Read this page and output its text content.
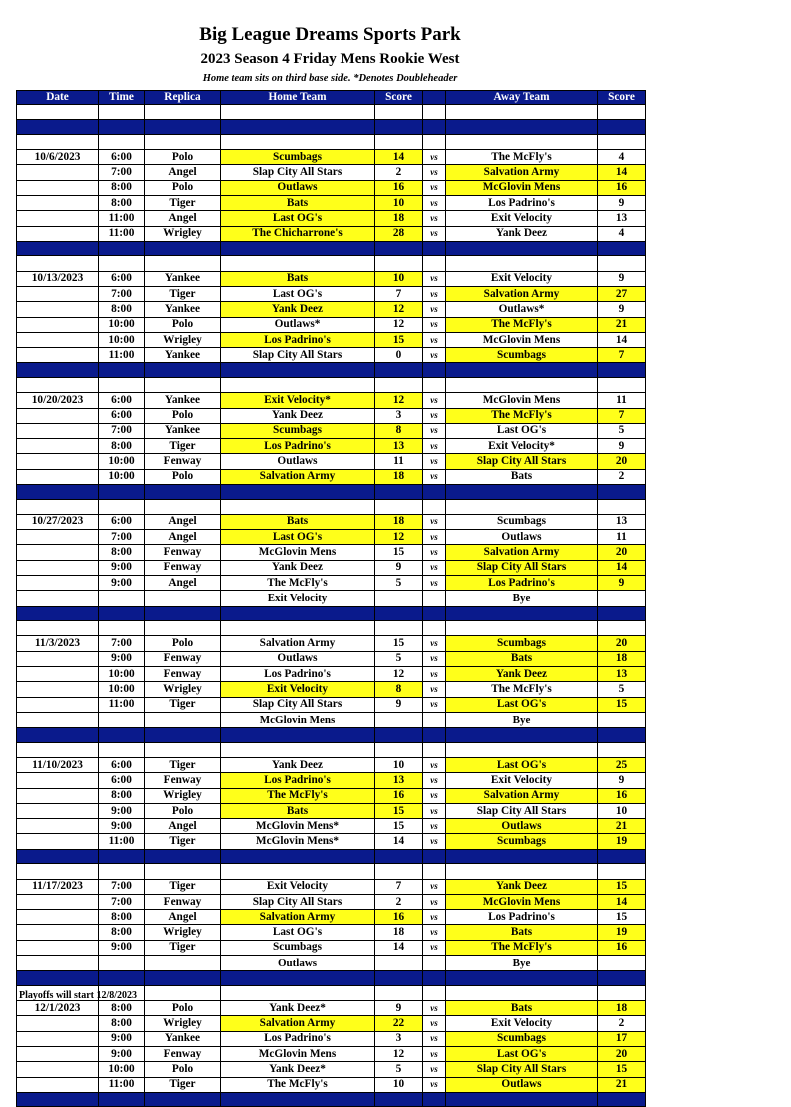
Big League Dreams Sports Park
2023 Season 4 Friday Mens Rookie West
Home team sits on third base side. *Denotes Doubleheader
Date	Time	Replica	Home Team	Score		Away Team	Score

10/6/2023	6:00	Polo	Scumbags	14	vs	The McFly's	4
	7:00	Angel	Slap City All Stars	2	vs	Salvation Army	14
	8:00	Polo	Outlaws	16	vs	McGlovin Mens	16
	8:00	Tiger	Bats	10	vs	Los Padrino's	9
	11:00	Angel	Last OG's	18	vs	Exit Velocity	13
	11:00	Wrigley	The Chicharrone's	28	vs	Yank Deez	4

10/13/2023	6:00	Yankee	Bats	10	vs	Exit Velocity	9
	7:00	Tiger	Last OG's	7	vs	Salvation Army	27
	8:00	Yankee	Yank Deez	12	vs	Outlaws*	9
	10:00	Polo	Outlaws*	12	vs	The McFly's	21
	10:00	Wrigley	Los Padrino's	15	vs	McGlovin Mens	14
	11:00	Yankee	Slap City All Stars	0	vs	Scumbags	7

10/20/2023	6:00	Yankee	Exit Velocity*	12	vs	McGlovin Mens	11
	6:00	Polo	Yank Deez	3	vs	The McFly's	7
	7:00	Yankee	Scumbags	8	vs	Last OG's	5
	8:00	Tiger	Los Padrino's	13	vs	Exit Velocity*	9
	10:00	Fenway	Outlaws	11	vs	Slap City All Stars	20
	10:00	Polo	Salvation Army	18	vs	Bats	2

10/27/2023	6:00	Angel	Bats	18	vs	Scumbags	13
	7:00	Angel	Last OG's	12	vs	Outlaws	11
	8:00	Fenway	McGlovin Mens	15	vs	Salvation Army	20
	9:00	Fenway	Yank Deez	9	vs	Slap City All Stars	14
	9:00	Angel	The McFly's	5	vs	Los Padrino's	9
			Exit Velocity			Bye	

11/3/2023	7:00	Polo	Salvation Army	15	vs	Scumbags	20
	9:00	Fenway	Outlaws	5	vs	Bats	18
	10:00	Fenway	Los Padrino's	12	vs	Yank Deez	13
	10:00	Wrigley	Exit Velocity	8	vs	The McFly's	5
	11:00	Tiger	Slap City All Stars	9	vs	Last OG's	15
			McGlovin Mens			Bye	

11/10/2023	6:00	Tiger	Yank Deez	10	vs	Last OG's	25
	6:00	Fenway	Los Padrino's	13	vs	Exit Velocity	9
	8:00	Wrigley	The McFly's	16	vs	Salvation Army	16
	9:00	Polo	Bats	15	vs	Slap City All Stars	10
	9:00	Angel	McGlovin Mens*	15	vs	Outlaws	21
	11:00	Tiger	McGlovin Mens*	14	vs	Scumbags	19

11/17/2023	7:00	Tiger	Exit Velocity	7	vs	Yank Deez	15
	7:00	Fenway	Slap City All Stars	2	vs	McGlovin Mens	14
	8:00	Angel	Salvation Army	16	vs	Los Padrino's	15
	8:00	Wrigley	Last OG's	18	vs	Bats	19
	9:00	Tiger	Scumbags	14	vs	The McFly's	16
			Outlaws			Bye	

12/1/2023	8:00	Polo	Yank Deez*	9	vs	Bats	18
	8:00	Wrigley	Salvation Army	22	vs	Exit Velocity	2
	9:00	Yankee	Los Padrino's	3	vs	Scumbags	17
	9:00	Fenway	McGlovin Mens	12	vs	Last OG's	20
	10:00	Polo	Yank Deez*	5	vs	Slap City All Stars	15
	11:00	Tiger	The McFly's	10	vs	Outlaws	21

Playoffs will start 12/8/2023
